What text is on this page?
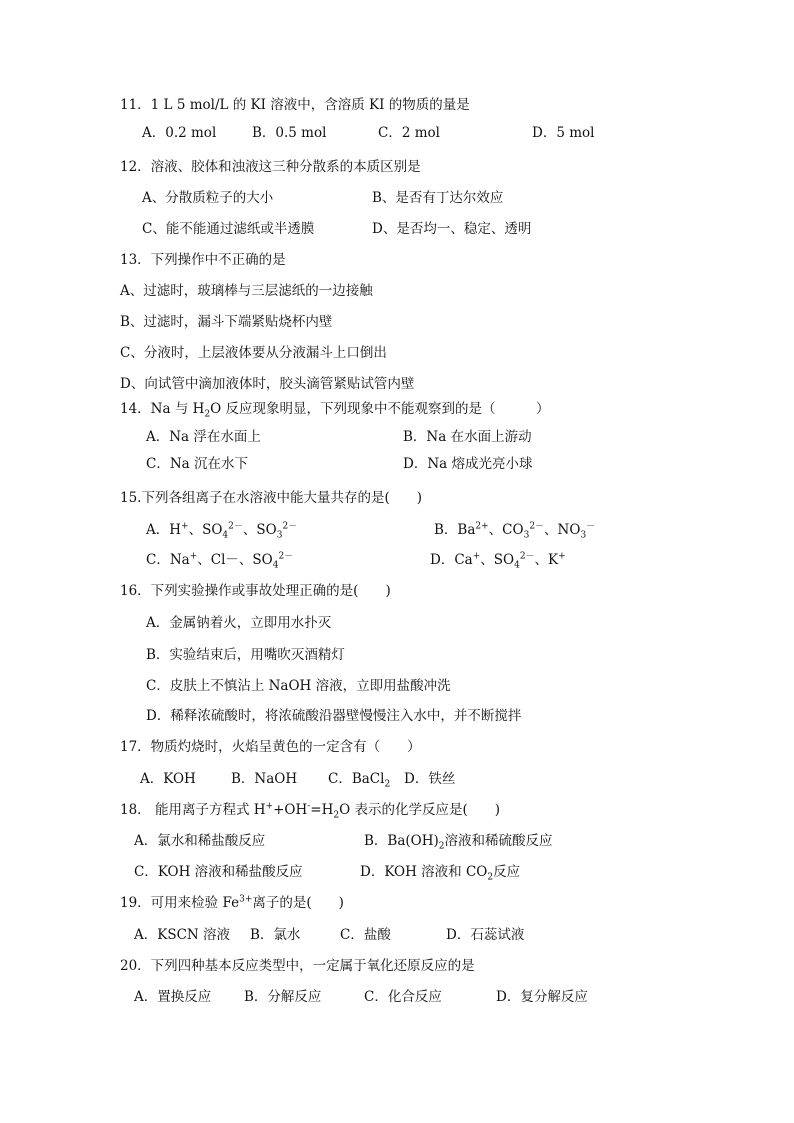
11．1 L 5 mol/L 的 KI 溶液中，含溶质 KI 的物质的量是
A．0.2 mol	B．0.5 mol	C．2 mol	D．5 mol
12．溶液、胶体和浊液这三种分散系的本质区别是
A、分散质粒子的大小	B、是否有丁达尔效应
C、能不能通过滤纸或半透膜	D、是否均一、稳定、透明
13．下列操作中不正确的是
A、过滤时，玻璃棒与三层滤纸的一边接触
B、过滤时，漏斗下端紧贴烧杯内壁
C、分液时，上层液体要从分液漏斗上口倒出
D、向试管中滴加液体时，胶头滴管紧贴试管内壁
14．Na 与 $H_2O$ 反应现象明显，下列现象中不能观察到的是（　　　）
A．Na 浮在水面上	B．Na 在水面上游动
C．Na 沉在水下	D．Na 熔成光亮小球
15.下列各组离子在水溶液中能大量共存的是(　　)
A．H+、$SO_4^{2-}$、$SO_3^{2-}$	B．$Ba^{2+}$、$CO_3^{2-}$、$NO_3^-$
C．Na+、Cl－、$SO_4^{2-}$	D．Ca+、$SO_4^{2-}$、K+
16．下列实验操作或事故处理正确的是(　　)
A．金属钠着火，立即用水扑灭
B．实验结束后，用嘴吹灭酒精灯
C．皮肤上不慎沾上 NaOH 溶液，立即用盐酸冲洗
D．稀释浓硫酸时，将浓硫酸沿器壁慢慢注入水中，并不断搅拌
17．物质灼烧时，火焰呈黄色的一定含有（　　）
A．KOH	B．NaOH C．BaCl$_2$ D．铁丝
18． 能用离子方程式 $H^++OH^-=H_2O$ 表示的化学反应是(　　)
A．氯水和稀盐酸反应	B．$Ba(OH)_2$溶液和稀硫酸反应
C．KOH 溶液和稀盐酸反应	D．KOH 溶液和 $CO_2$反应
19．可用来检验 $Fe^{3+}$离子的是(　　)
A．KSCN 溶液 B．氯水	C．盐酸	D．石蕊试液
20．下列四种基本反应类型中，一定属于氧化还原反应的是
A．置换反应 B．分解反应	C．化合反应	D．复分解反应
